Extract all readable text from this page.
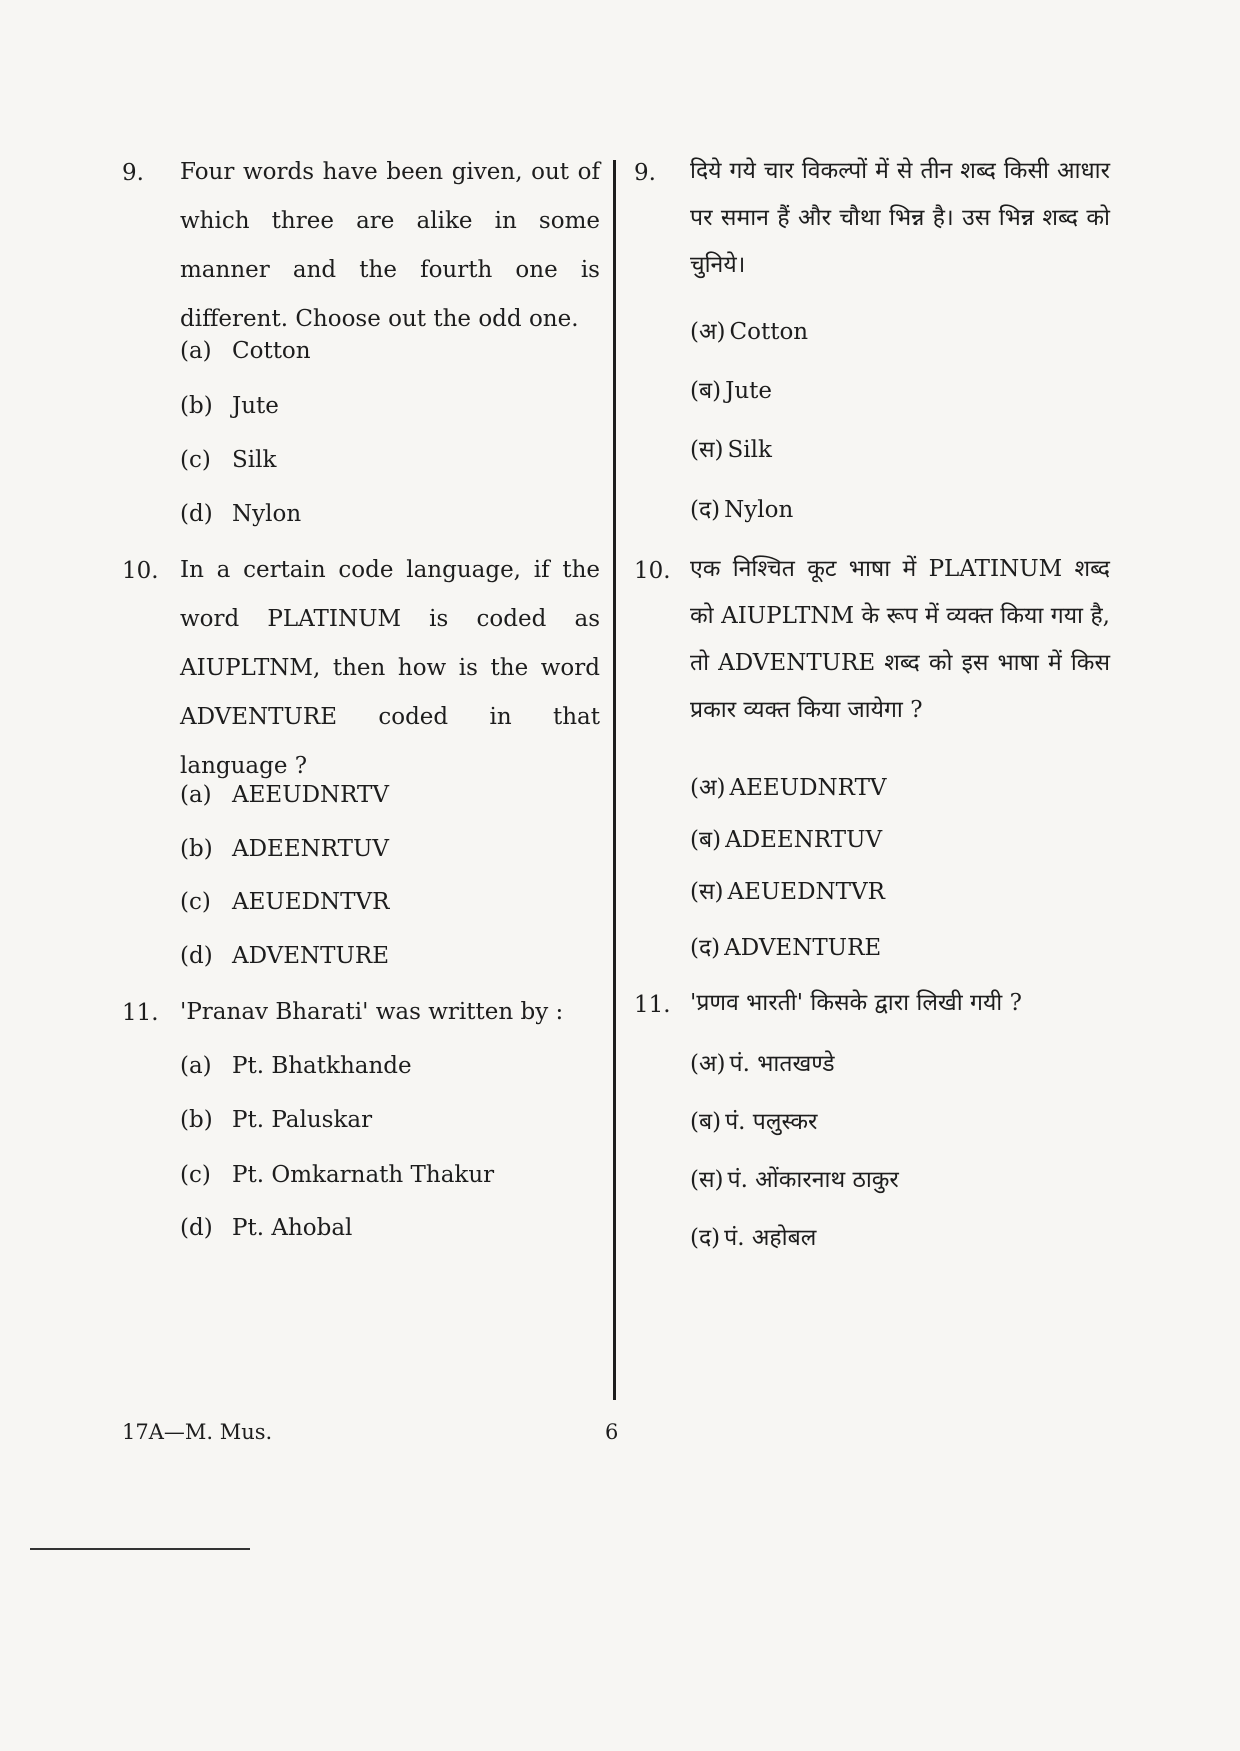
9. Four words have been given, out of which three are alike in some manner and the fourth one is different. Choose out the odd one.
(a) Cotton
(b) Jute
(c) Silk
(d) Nylon
10. In a certain code language, if the word PLATINUM is coded as AIUPLTNM, then how is the word ADVENTURE coded in that language ?
(a) AEEUDNRTV
(b) ADEENRTUV
(c) AEUEDNTVR
(d) ADVENTURE
11. 'Pranav Bharati' was written by :
(a) Pt. Bhatkhande
(b) Pt. Paluskar
(c) Pt. Omkarnath Thakur
(d) Pt. Ahobal
9. दिये गये चार विकल्पों में से तीन शब्द किसी आधार पर समान हैं और चौथा भिन्न है। उस भिन्न शब्द को चुनिये।
(अ) Cotton
(ब) Jute
(स) Silk
(द) Nylon
10. एक निश्चित कूट भाषा में PLATINUM शब्द को AIUPLTNM के रूप में व्यक्त किया गया है, तो ADVENTURE शब्द को इस भाषा में किस प्रकार व्यक्त किया जायेगा ?
(अ) AEEUDNRTV
(ब) ADEENRTUV
(स) AEUEDNTVR
(द) ADVENTURE
11. 'प्रणव भारती' किसके द्वारा लिखी गयी ?
(अ) पं. भातखण्डे
(ब) पं. पलुस्कर
(स) पं. ओंकारनाथ ठाकुर
(द) पं. अहोबल
17A—M. Mus.	6
